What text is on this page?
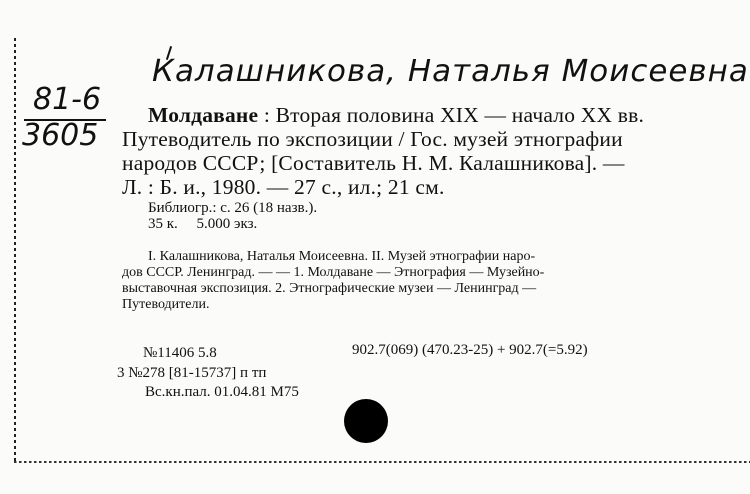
Калашникова, Наталья Моисеевна
81-6
3605
Молдаване : Вторая половина XIX — начало XX вв.
Путеводитель по экспозиции / Гос. музей этнографии
народов СССР; [Составитель Н. М. Калашникова]. —
Л. : Б. и., 1980. — 27 с., ил.; 21 см.
Библиогр.: с. 26 (18 назв.).
35 к. 5.000 экз.
I. Калашникова, Наталья Моисеевна. II. Музей этнографии наро-
дов СССР. Ленинград. — — 1. Молдаване — Этнография — Музейно-
выставочная экспозиция. 2. Этнографические музеи — Ленинград —
Путеводители.
№11406 5.8	902.7(069) (470.23-25) + 902.7(=5.92)
3 №278 [81-15737] п тп
Вс.кн.пал. 01.04.81 М75
